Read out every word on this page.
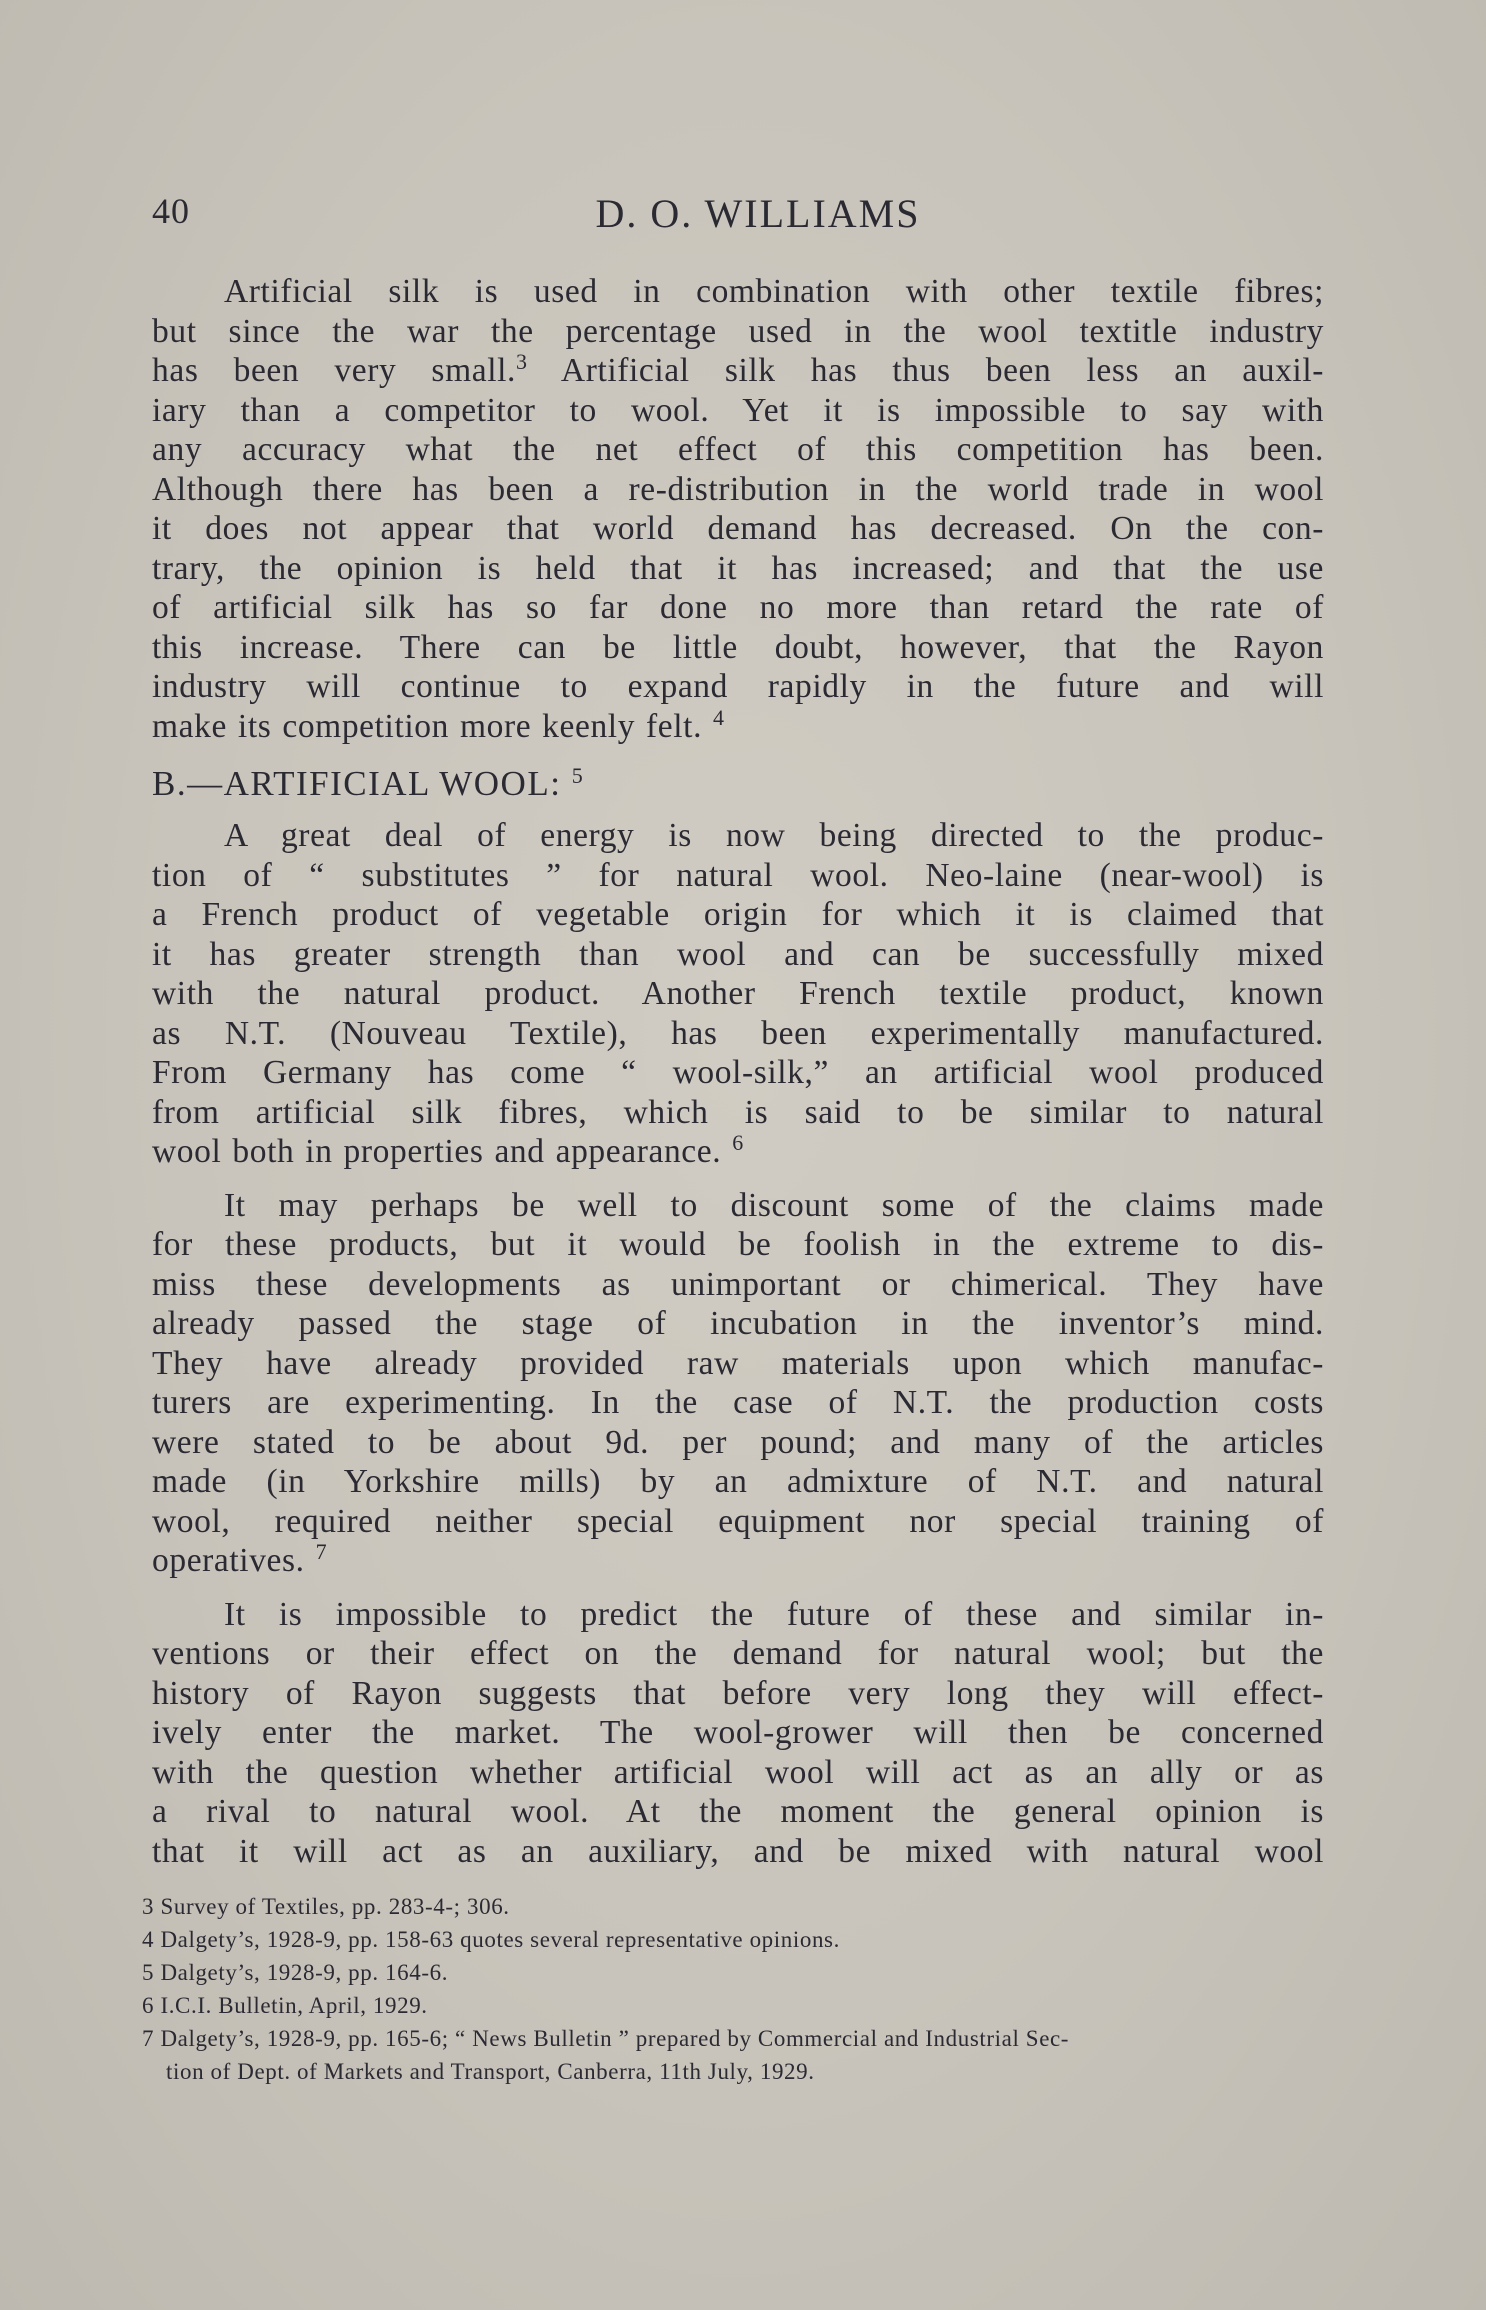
40	D. O. WILLIAMS

Artificial silk is used in combination with other textile fibres;
but since the war the percentage used in the wool textitle industry
has been very small.$^3$ Artificial silk has thus been less an auxil-
iary than a competitor to wool. Yet it is impossible to say with
any accuracy what the net effect of this competition has been.
Although there has been a re-distribution in the world trade in wool
it does not appear that world demand has decreased. On the con-
trary, the opinion is held that it has increased; and that the use
of artificial silk has so far done no more than retard the rate of
this increase. There can be little doubt, however, that the Rayon
industry will continue to expand rapidly in the future and will
make its competition more keenly felt. $^4$

B.—ARTIFICIAL WOOL: $^5$

A great deal of energy is now being directed to the produc-
tion of “ substitutes ” for natural wool. Neo-laine (near-wool) is
a French product of vegetable origin for which it is claimed that
it has greater strength than wool and can be successfully mixed
with the natural product. Another French textile product, known
as N.T. (Nouveau Textile), has been experimentally manufactured.
From Germany has come “ wool-silk,” an artificial wool produced
from artificial silk fibres, which is said to be similar to natural
wool both in properties and appearance. $^6$

It may perhaps be well to discount some of the claims made
for these products, but it would be foolish in the extreme to dis-
miss these developments as unimportant or chimerical. They have
already passed the stage of incubation in the inventor’s mind.
They have already provided raw materials upon which manufac-
turers are experimenting. In the case of N.T. the production costs
were stated to be about 9d. per pound; and many of the articles
made (in Yorkshire mills) by an admixture of N.T. and natural
wool, required neither special equipment nor special training of
operatives. $^7$

It is impossible to predict the future of these and similar in-
ventions or their effect on the demand for natural wool; but the
history of Rayon suggests that before very long they will effect-
ively enter the market. The wool-grower will then be concerned
with the question whether artificial wool will act as an ally or as
a rival to natural wool. At the moment the general opinion is
that it will act as an auxiliary, and be mixed with natural wool

3 Survey of Textiles, pp. 283-4-; 306.
4 Dalgety’s, 1928-9, pp. 158-63 quotes several representative opinions.
5 Dalgety’s, 1928-9, pp. 164-6.
6 I.C.I. Bulletin, April, 1929.
7 Dalgety’s, 1928-9, pp. 165-6; “ News Bulletin ” prepared by Commercial and Industrial Sec-
tion of Dept. of Markets and Transport, Canberra, 11th July, 1929.
